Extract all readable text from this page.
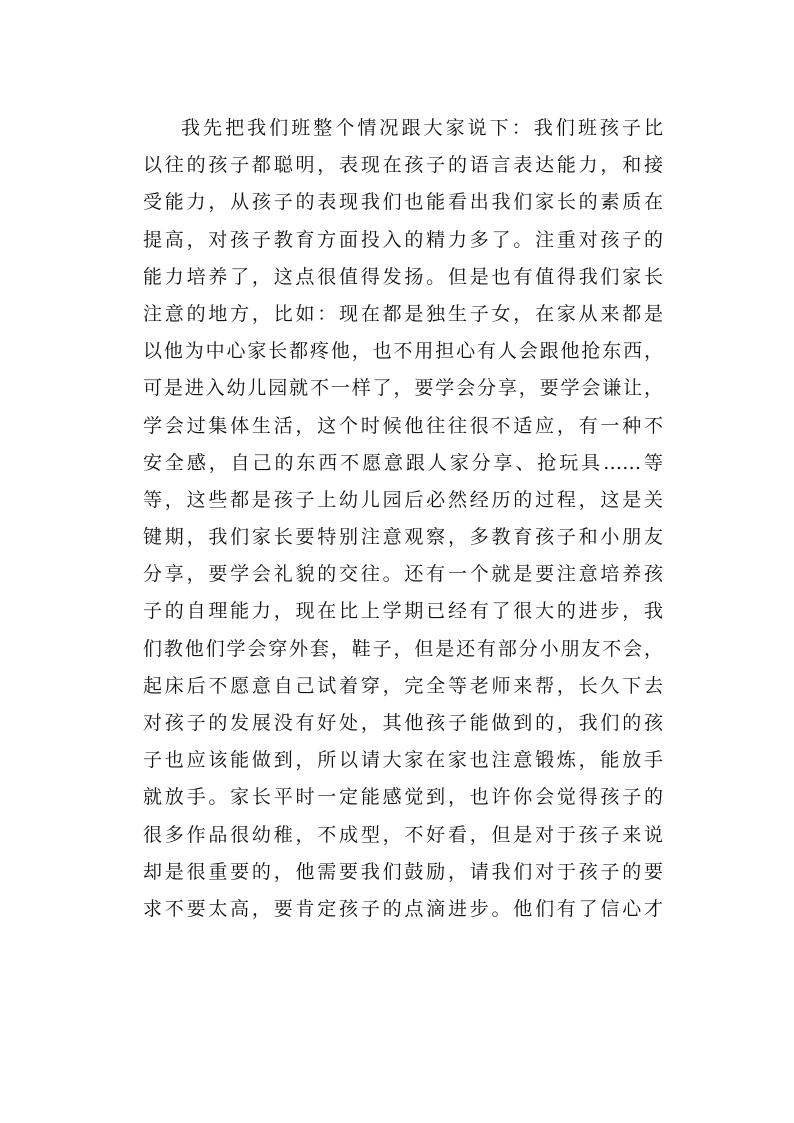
我先把我们班整个情况跟大家说下：我们班孩子比
以往的孩子都聪明，表现在孩子的语言表达能力，和接
受能力，从孩子的表现我们也能看出我们家长的素质在
提高，对孩子教育方面投入的精力多了。注重对孩子的
能力培养了，这点很值得发扬。但是也有值得我们家长
注意的地方，比如：现在都是独生子女，在家从来都是
以他为中心家长都疼他，也不用担心有人会跟他抢东西，
可是进入幼儿园就不一样了，要学会分享，要学会谦让，
学会过集体生活，这个时候他往往很不适应，有一种不
安全感，自己的东西不愿意跟人家分享、抢玩具……等
等，这些都是孩子上幼儿园后必然经历的过程，这是关
键期，我们家长要特别注意观察，多教育孩子和小朋友
分享，要学会礼貌的交往。还有一个就是要注意培养孩
子的自理能力，现在比上学期已经有了很大的进步，我
们教他们学会穿外套，鞋子，但是还有部分小朋友不会，
起床后不愿意自己试着穿，完全等老师来帮，长久下去
对孩子的发展没有好处，其他孩子能做到的，我们的孩
子也应该能做到，所以请大家在家也注意锻炼，能放手
就放手。家长平时一定能感觉到，也许你会觉得孩子的
很多作品很幼稚，不成型，不好看，但是对于孩子来说
却是很重要的，他需要我们鼓励，请我们对于孩子的要
求不要太高，要肯定孩子的点滴进步。他们有了信心才
